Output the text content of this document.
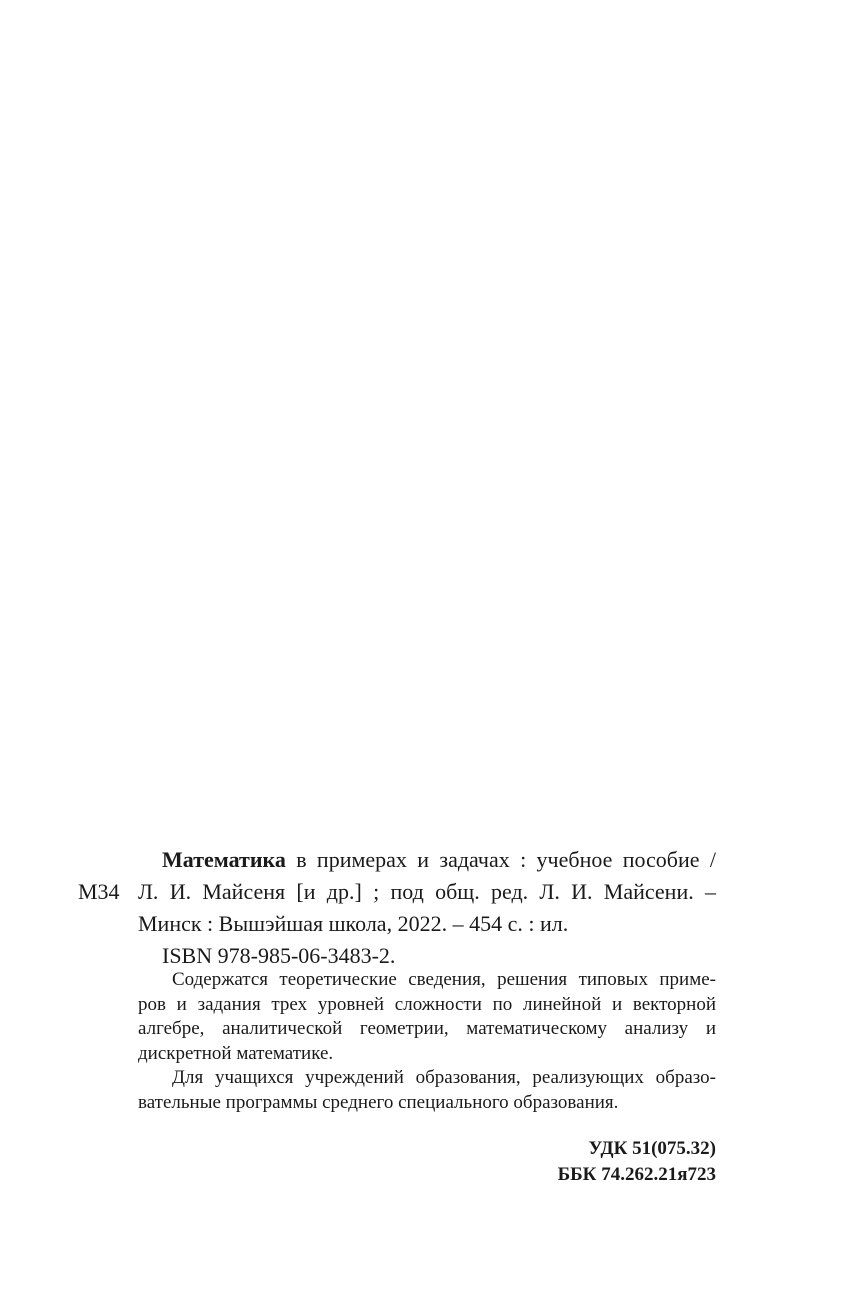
М34
Математика в примерах и задачах : учебное пособие /
Л. И. Майсеня [и др.] ; под общ. ред. Л. И. Майсени. –
Минск : Вышэйшая школа, 2022. – 454 с. : ил.
ISBN 978-985-06-3483-2.
Содержатся теоретические сведения, решения типовых приме-
ров и задания трех уровней сложности по линейной и векторной
алгебре, аналитической геометрии, математическому анализу и
дискретной математике.
Для учащихся учреждений образования, реализующих образо-
вательные программы среднего специального образования.
УДК 51(075.32)
ББК 74.262.21я723
